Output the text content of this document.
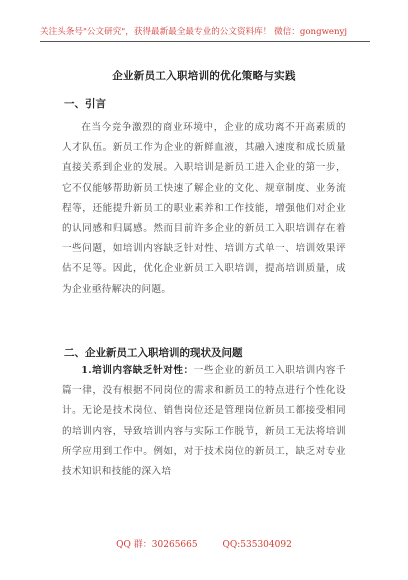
关注头条号"公文研究"，获得最新最全最专业的公文资料库！ 微信：gongwenyj
企业新员工入职培训的优化策略与实践
一、引言
在当今竞争激烈的商业环境中，企业的成功离不开高素质的人才队伍。新员工作为企业的新鲜血液，其融入速度和成长质量直接关系到企业的发展。入职培训是新员工进入企业的第一步，它不仅能够帮助新员工快速了解企业的文化、规章制度、业务流程等，还能提升新员工的职业素养和工作技能，增强他们对企业的认同感和归属感。然而目前许多企业的新员工入职培训存在着一些问题，如培训内容缺乏针对性、培训方式单一、培训效果评估不足等。因此，优化企业新员工入职培训，提高培训质量，成为企业亟待解决的问题。
二、企业新员工入职培训的现状及问题
1.培训内容缺乏针对性：一些企业的新员工入职培训内容千篇一律，没有根据不同岗位的需求和新员工的特点进行个性化设计。无论是技术岗位、销售岗位还是管理岗位新员工都接受相同的培训内容，导致培训内容与实际工作脱节，新员工无法将培训所学应用到工作中。例如，对于技术岗位的新员工，缺乏对专业技术知识和技能的深入培
QQ 群：30265665	QQ:535304092
